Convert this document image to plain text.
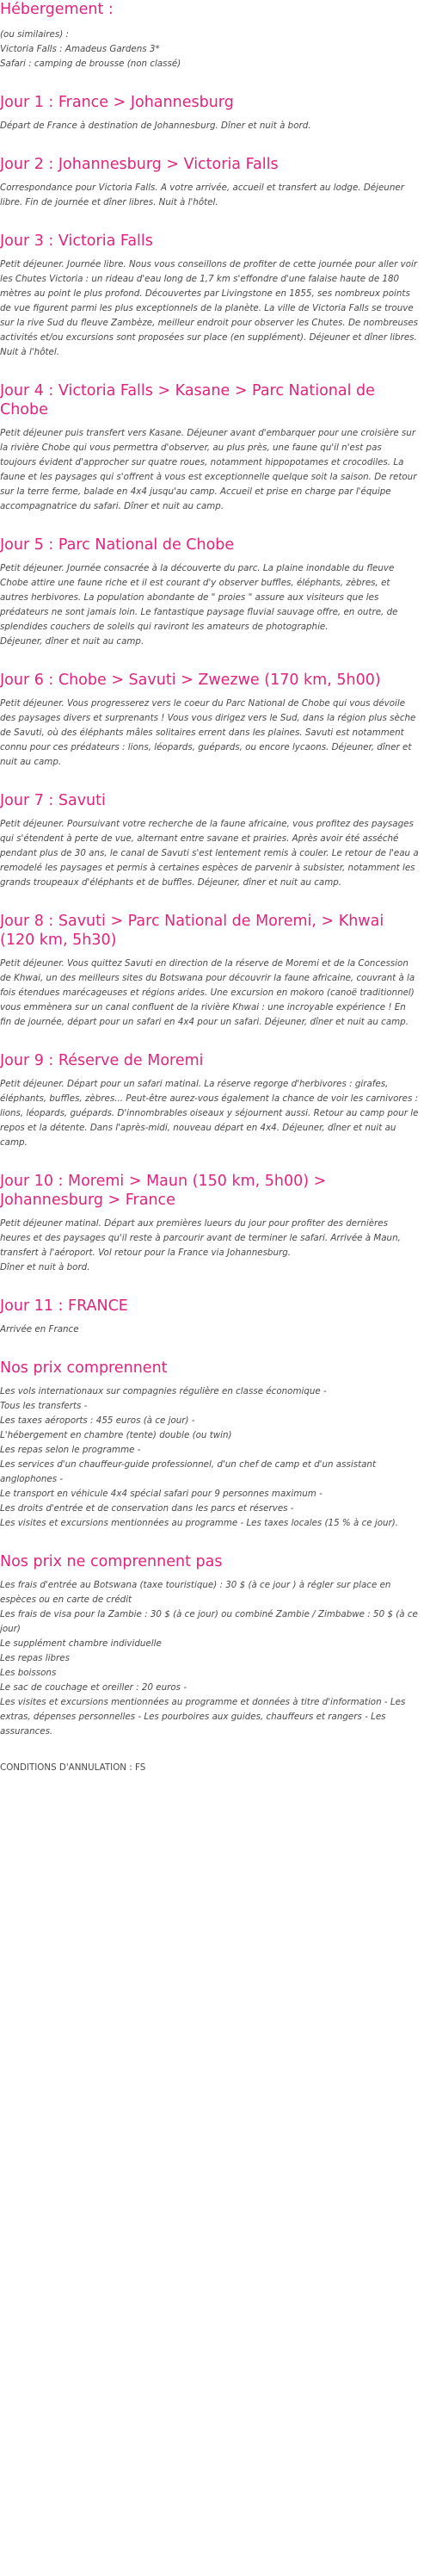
Hébergement :

(ou similaires) :
Victoria Falls : Amadeus Gardens 3*
Safari : camping de brousse (non classé)

Jour 1 : France > Johannesburg

Départ de France à destination de Johannesburg. Dîner et nuit à bord.

Jour 2 : Johannesburg > Victoria Falls

Correspondance pour Victoria Falls. A votre arrivée, accueil et transfert au lodge. Déjeuner libre. Fin de journée et dîner libres. Nuit à l'hôtel.

Jour 3 : Victoria Falls

Petit déjeuner. Journée libre. Nous vous conseillons de profiter de cette journée pour aller voir les Chutes Victoria : un rideau d'eau long de 1,7 km s'effondre d'une falaise haute de 180 mètres au point le plus profond. Découvertes par Livingstone en 1855, ses nombreux points de vue figurent parmi les plus exceptionnels de la planète. La ville de Victoria Falls se trouve sur la rive Sud du fleuve Zambèze, meilleur endroit pour observer les Chutes. De nombreuses activités et/ou excursions sont proposées sur place (en supplément). Déjeuner et dîner libres. Nuit à l'hôtel.

Jour 4 : Victoria Falls > Kasane > Parc National de Chobe

Petit déjeuner puis transfert vers Kasane. Déjeuner avant d'embarquer pour une croisière sur la rivière Chobe qui vous permettra d'observer, au plus près, une faune qu'il n'est pas toujours évident d'approcher sur quatre roues, notamment hippopotames et crocodiles. La faune et les paysages qui s'offrent à vous est exceptionnelle quelque soit la saison. De retour sur la terre ferme, balade en 4x4 jusqu'au camp. Accueil et prise en charge par l'équipe accompagnatrice du safari. Dîner et nuit au camp.

Jour 5 : Parc National de Chobe

Petit déjeuner. Journée consacrée à la découverte du parc. La plaine inondable du fleuve Chobe attire une faune riche et il est courant d'y observer buffles, éléphants, zèbres, et autres herbivores. La population abondante de " proies " assure aux visiteurs que les prédateurs ne sont jamais loin. Le fantastique paysage fluvial sauvage offre, en outre, de splendides couchers de soleils qui raviront les amateurs de photographie.

Déjeuner, dîner et nuit au camp.

Jour 6 : Chobe > Savuti > Zwezwe (170 km, 5h00)

Petit déjeuner. Vous progresserez vers le coeur du Parc National de Chobe qui vous dévoile des paysages divers et surprenants ! Vous vous dirigez vers le Sud, dans la région plus sèche de Savuti, où des éléphants mâles solitaires errent dans les plaines. Savuti est notamment connu pour ces prédateurs : lions, léopards, guépards, ou encore lycaons. Déjeuner, dîner et nuit au camp.

Jour 7 : Savuti

Petit déjeuner. Poursuivant votre recherche de la faune africaine, vous profitez des paysages qui s'étendent à perte de vue, alternant entre savane et prairies. Après avoir été asséché pendant plus de 30 ans, le canal de Savuti s'est lentement remis à couler. Le retour de l'eau a remodelé les paysages et permis à certaines espèces de parvenir à subsister, notamment les grands troupeaux d'éléphants et de buffles. Déjeuner, dîner et nuit au camp.

Jour 8 : Savuti > Parc National de Moremi, > Khwai (120 km, 5h30)

Petit déjeuner. Vous quittez Savuti en direction de la réserve de Moremi et de la Concession de Khwai, un des meilleurs sites du Botswana pour découvrir la faune africaine, couvrant à la fois étendues marécageuses et régions arides. Une excursion en mokoro (canoë traditionnel) vous emmènera sur un canal confluent de la rivière Khwai : une incroyable expérience ! En fin de journée, départ pour un safari en 4x4 pour un safari. Déjeuner, dîner et nuit au camp.

Jour 9 : Réserve de Moremi

Petit déjeuner. Départ pour un safari matinal. La réserve regorge d'herbivores : girafes, éléphants, buffles, zèbres... Peut-être aurez-vous également la chance de voir les carnivores : lions, léopards, guépards. D'innombrables oiseaux y séjournent aussi. Retour au camp pour le repos et la détente. Dans l'après-midi, nouveau départ en 4x4. Déjeuner, dîner et nuit au camp.

Jour 10 : Moremi > Maun (150 km, 5h00) > Johannesburg > France

Petit déjeuner matinal. Départ aux premières lueurs du jour pour profiter des dernières heures et des paysages qu'il reste à parcourir avant de terminer le safari. Arrivée à Maun, transfert à l'aéroport. Vol retour pour la France via Johannesburg.

Dîner et nuit à bord.

Jour 11 : FRANCE

Arrivée en France

Nos prix comprennent

Les vols internationaux sur compagnies régulière en classe économique -
Tous les transferts -
Les taxes aéroports : 455 euros (à ce jour) -
L'hébergement en chambre (tente) double (ou twin)
Les repas selon le programme -
Les services d'un chauffeur-guide professionnel, d'un chef de camp et d'un assistant anglophones -
Le transport en véhicule 4x4 spécial safari pour 9 personnes maximum -
Les droits d'entrée et de conservation dans les parcs et réserves -
Les visites et excursions mentionnées au programme - Les taxes locales (15 % à ce jour).

Nos prix ne comprennent pas

Les frais d'entrée au Botswana (taxe touristique) : 30 $ (à ce jour ) à régler sur place en espèces ou en carte de crédit
Les frais de visa pour la Zambie : 30 $ (à ce jour) ou combiné Zambie / Zimbabwe : 50 $ (à ce jour)
Le supplément chambre individuelle
Les repas libres
Les boissons
Le sac de couchage et oreiller : 20 euros -
Les visites et excursions mentionnées au programme et données à titre d'information - Les extras, dépenses personnelles - Les pourboires aux guides, chauffeurs et rangers - Les assurances.

CONDITIONS D'ANNULATION : FS
